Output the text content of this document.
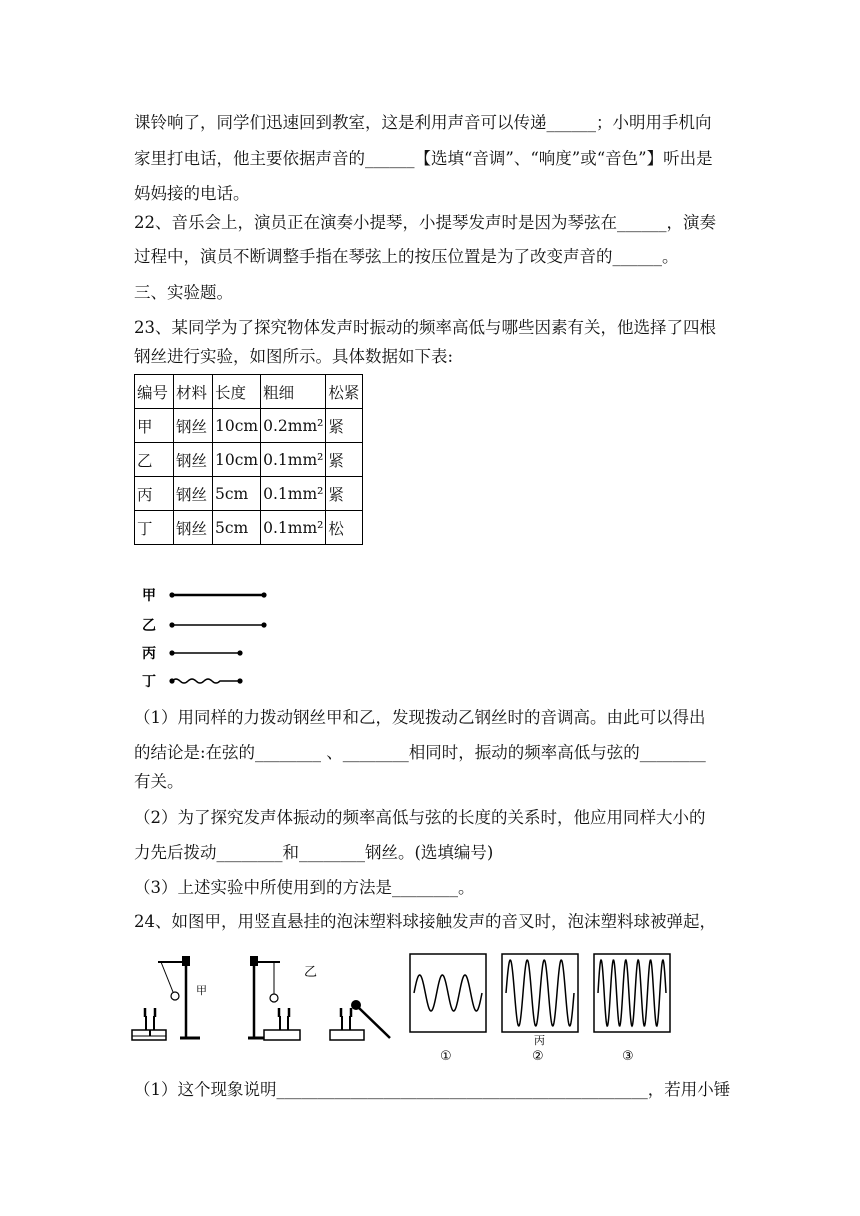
课铃响了，同学们迅速回到教室，这是利用声音可以传递______；小明用手机向
家里打电话，他主要依据声音的______【选填“音调”、“响度”或“音色”】听出是
妈妈接的电话。
22、音乐会上，演员正在演奏小提琴，小提琴发声时是因为琴弦在______，演奏
过程中，演员不断调整手指在琴弦上的按压位置是为了改变声音的______。
三、实验题。
23、某同学为了探究物体发声时振动的频率高低与哪些因素有关，他选择了四根
钢丝进行实验，如图所示。具体数据如下表:
编号	材料	长度	粗细	松紧
甲	钢丝	10cm	0.2mm²	紧
乙	钢丝	10cm	0.1mm²	紧
丙	钢丝	5cm	0.1mm²	紧
丁	钢丝	5cm	0.1mm²	松
甲
乙
丙
丁
（1）用同样的力拨动钢丝甲和乙，发现拨动乙钢丝时的音调高。由此可以得出
的结论是:在弦的________ 、________相同时，振动的频率高低与弦的________
有关。
（2）为了探究发声体振动的频率高低与弦的长度的关系时，他应用同样大小的
力先后拨动________和________钢丝。(选填编号)
（3）上述实验中所使用到的方法是________。
24、如图甲，用竖直悬挂的泡沫塑料球接触发声的音叉时，泡沫塑料球被弹起，
甲
乙
①
丙
②	③
（1）这个现象说明_____________________________________________，若用小锤
